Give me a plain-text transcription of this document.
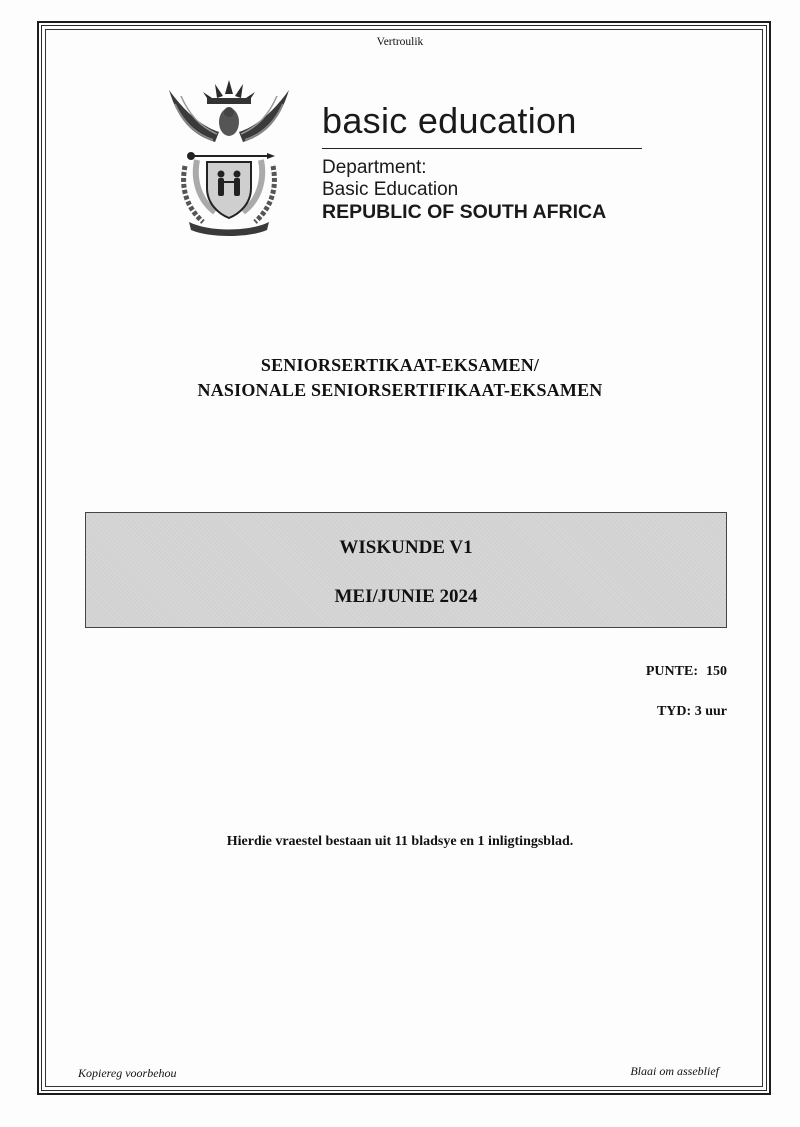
Vertroulik
basic education
Department:
Basic Education
REPUBLIC OF SOUTH AFRICA
SENIORSERTIKAAT-EKSAMEN/
NASIONALE SENIORSERTIFIKAAT-EKSAMEN
WISKUNDE V1
MEI/JUNIE 2024
PUNTE: 150
TYD: 3 uur
Hierdie vraestel bestaan uit 11 bladsye en 1 inligtingsblad.
Kopiereg voorbehou	Blaai om asseblief
